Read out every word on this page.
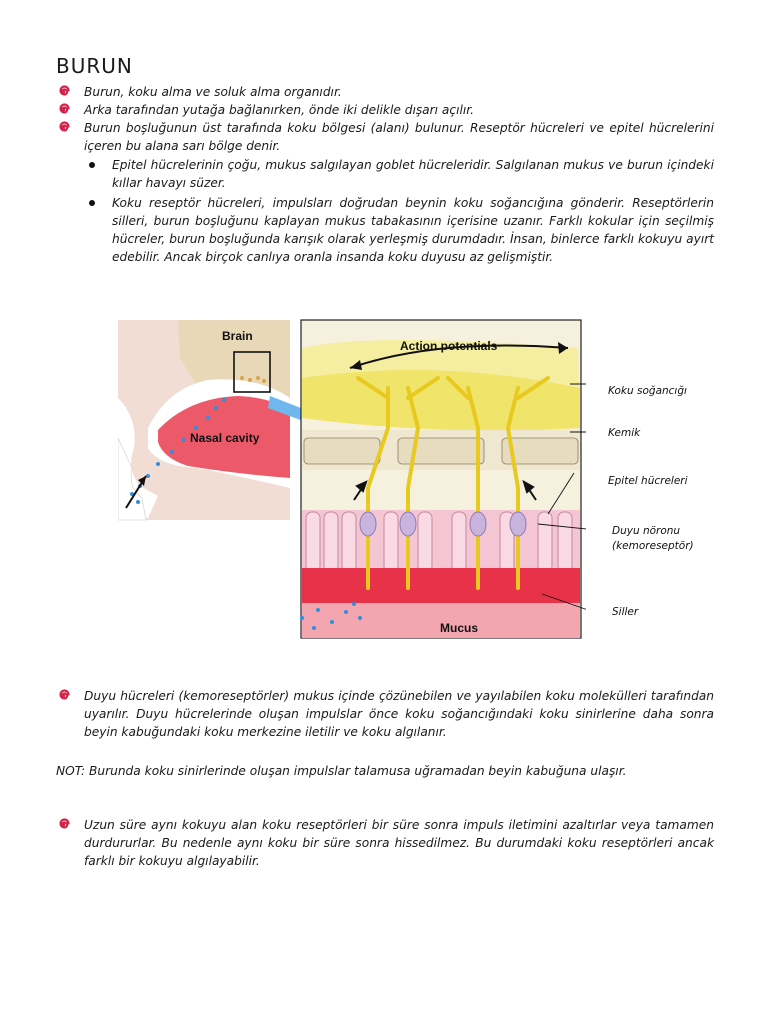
BURUN
Burun, koku alma ve soluk alma organıdır.
Arka tarafından yutağa bağlanırken, önde iki delikle dışarı açılır.
Burun boşluğunun üst tarafında koku bölgesi (alanı) bulunur. Reseptör hücreleri ve epitel hücrelerini içeren bu alana sarı bölge denir.
Epitel hücrelerinin çoğu, mukus salgılayan goblet hücreleridir. Salgılanan mukus ve burun içindeki kıllar havayı süzer.
Koku reseptör hücreleri, impulsları doğrudan beynin koku soğancığına gönderir. Reseptörlerin silleri, burun boşluğunu kaplayan mukus tabakasının içerisine uzanır. Farklı kokular için seçilmiş hücreler, burun boşluğunda karışık olarak yerleşmiş durumdadır. İnsan, binlerce farklı kokuyu ayırt edebilir. Ancak birçok canlıya oranla insanda koku duyusu az gelişmiştir.
Brain
Nasal cavity
Action potentials
Mucus
Koku soğancığı
Kemik
Epitel hücreleri
Duyu nöronu
(kemoreseptör)
Siller
Duyu hücreleri (kemoreseptörler) mukus içinde çözünebilen ve yayılabilen koku molekülleri tarafından uyarılır. Duyu hücrelerinde oluşan impulslar önce koku soğancığındaki koku sinirlerine daha sonra beyin kabuğundaki koku merkezine iletilir ve koku algılanır.
NOT: Burunda koku sinirlerinde oluşan impulslar talamusa uğramadan beyin kabuğuna ulaşır.
Uzun süre aynı kokuyu alan koku reseptörleri bir süre sonra impuls iletimini azaltırlar veya tamamen durdururlar. Bu nedenle aynı koku bir süre sonra hissedilmez. Bu durumdaki koku reseptörleri ancak farklı bir kokuyu algılayabilir.
